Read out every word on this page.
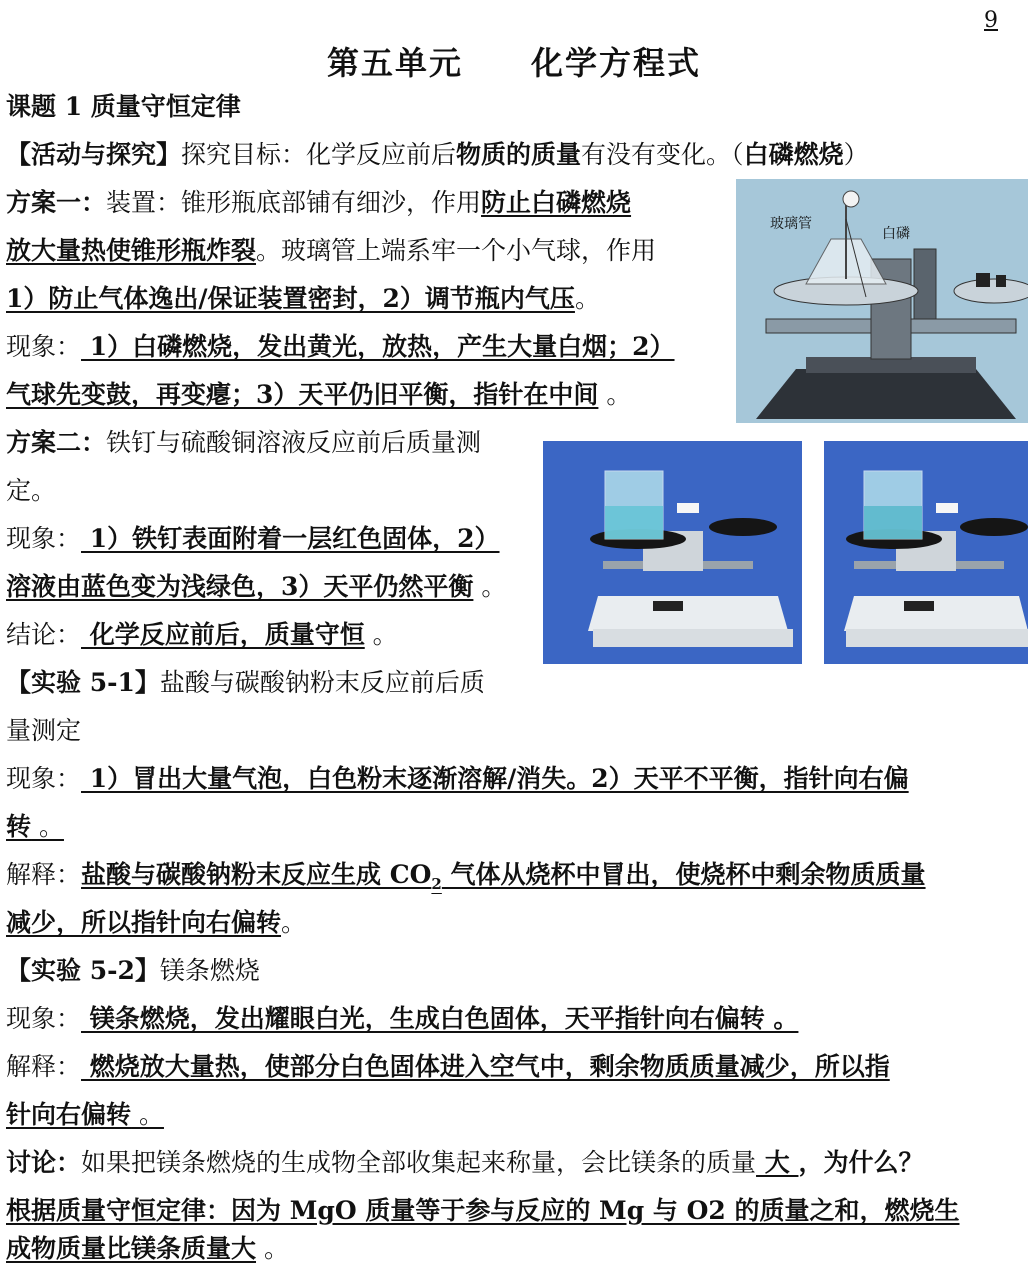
9
第五单元　　化学方程式
课题 1 质量守恒定律
【活动与探究】探究目标：化学反应前后物质的质量有没有变化。（白磷燃烧）
方案一：装置：锥形瓶底部铺有细沙，作用防止白磷燃烧
放大量热使锥形瓶炸裂。玻璃管上端系牢一个小气球，作用
1）防止气体逸出/保证装置密封，2）调节瓶内气压。
现象： 1）白磷燃烧，发出黄光，放热，产生大量白烟；2）
气球先变鼓，再变瘪；3）天平仍旧平衡，指针在中间 。
方案二：铁钉与硫酸铜溶液反应前后质量测
定。
现象： 1）铁钉表面附着一层红色固体，2）
溶液由蓝色变为浅绿色，3）天平仍然平衡 。
结论： 化学反应前后，质量守恒 。
【实验 5-1】盐酸与碳酸钠粉末反应前后质
量测定
现象： 1）冒出大量气泡，白色粉末逐渐溶解/消失。2）天平不平衡，指针向右偏
转 。
解释：盐酸与碳酸钠粉末反应生成 $CO_2$ 气体从烧杯中冒出，使烧杯中剩余物质质量
减少，所以指针向右偏转。
【实验 5-2】镁条燃烧
现象： 镁条燃烧，发出耀眼白光，生成白色固体，天平指针向右偏转 。
解释： 燃烧放大量热，使部分白色固体进入空气中，剩余物质质量减少，所以指
针向右偏转 。
讨论：如果把镁条燃烧的生成物全部收集起来称量，会比镁条的质量 大 ，为什么？
根据质量守恒定律：因为 MgO 质量等于参与反应的 Mg 与 O2 的质量之和，燃烧生
成物质量比镁条质量大 。
玻璃管
白磷
